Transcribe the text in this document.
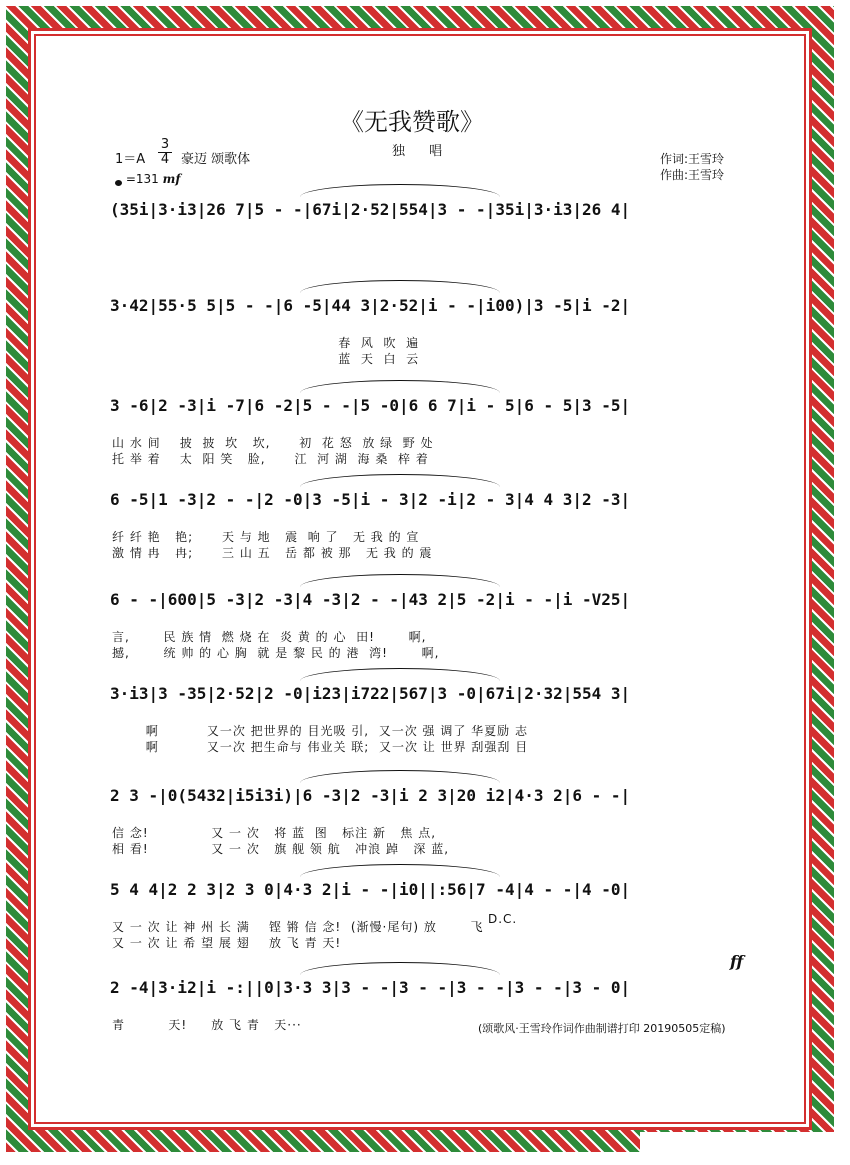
《无我赞歌》
独 唱
1＝A
3
4 豪迈 颂歌体
=131 mf
作词:王雪玲
作曲:王雪玲
(35i|3·i3|26 7|5 - -|67i|2·52|554|3 - -|35i|3·i3|26 4|
3·42|55·5 5|5 - -|6 -5|44 3|2·52|i - -|i00)|3 -5|i -2|
春  风  吹  遍
蓝  天  白  云
3 -6|2 -3|i -7|6 -2|5 - -|5 -0|6 6 7|i - 5|6 - 5|3 -5|
山 水 间    披  披  坎   坎,      初  花 怒  放 绿  野 处
托 举 着    太  阳 笑   脸,      江  河 湖  海 桑  梓 着
6 -5|1 -3|2 - -|2 -0|3 -5|i - 3|2 -i|2 - 3|4 4 3|2 -3|
纤 纤 艳   艳;      天 与 地   震  响 了   无 我 的 宣
激 情 冉   冉;      三 山 五   岳 都 被 那   无 我 的 震
6 - -|600|5 -3|2 -3|4 -3|2 - -|43 2|5 -2|i - -|i -V25|
言,       民 族 情  燃 烧 在  炎 黄 的 心  田!       啊,
撼,       统 帅 的 心 胸  就 是 黎 民 的 港  湾!       啊,
3·i3|3 -35|2·52|2 -0|i23|i722|567|3 -0|67i|2·32|554 3|
啊          又一次 把世界的 目光吸 引,  又一次 强 调了 华夏励 志
啊          又一次 把生命与 伟业关 联;  又一次 让 世界 刮强刮 目
2 3 -|0(5432|i5i3i)|6 -3|2 -3|i 2 3|20 i2|4·3 2|6 - -|
信 念!             又 一 次   将 蓝  图   标注 新   焦 点,
相 看!             又 一 次   旗 舰 领 航   冲浪 踔   深 蓝,
5 4 4|2 2 3|2 3 0|4·3 2|i - -|i0||:56|7 -4|4 - -|4 -0|
又 一 次 让 神 州 长 满    铿 锵 信 念!  (渐慢·尾句) 放       飞
又 一 次 让 希 望 展 翅    放 飞 青 天!
2 -4|3·i2|i -:||0|3·3 3|3 - -|3 - -|3 - -|3 - -|3 - 0|
青         天!     放 飞 青   天···
D.C.
ff
(颂歌风·王雪玲作词作曲制谱打印 20190505定稿)
